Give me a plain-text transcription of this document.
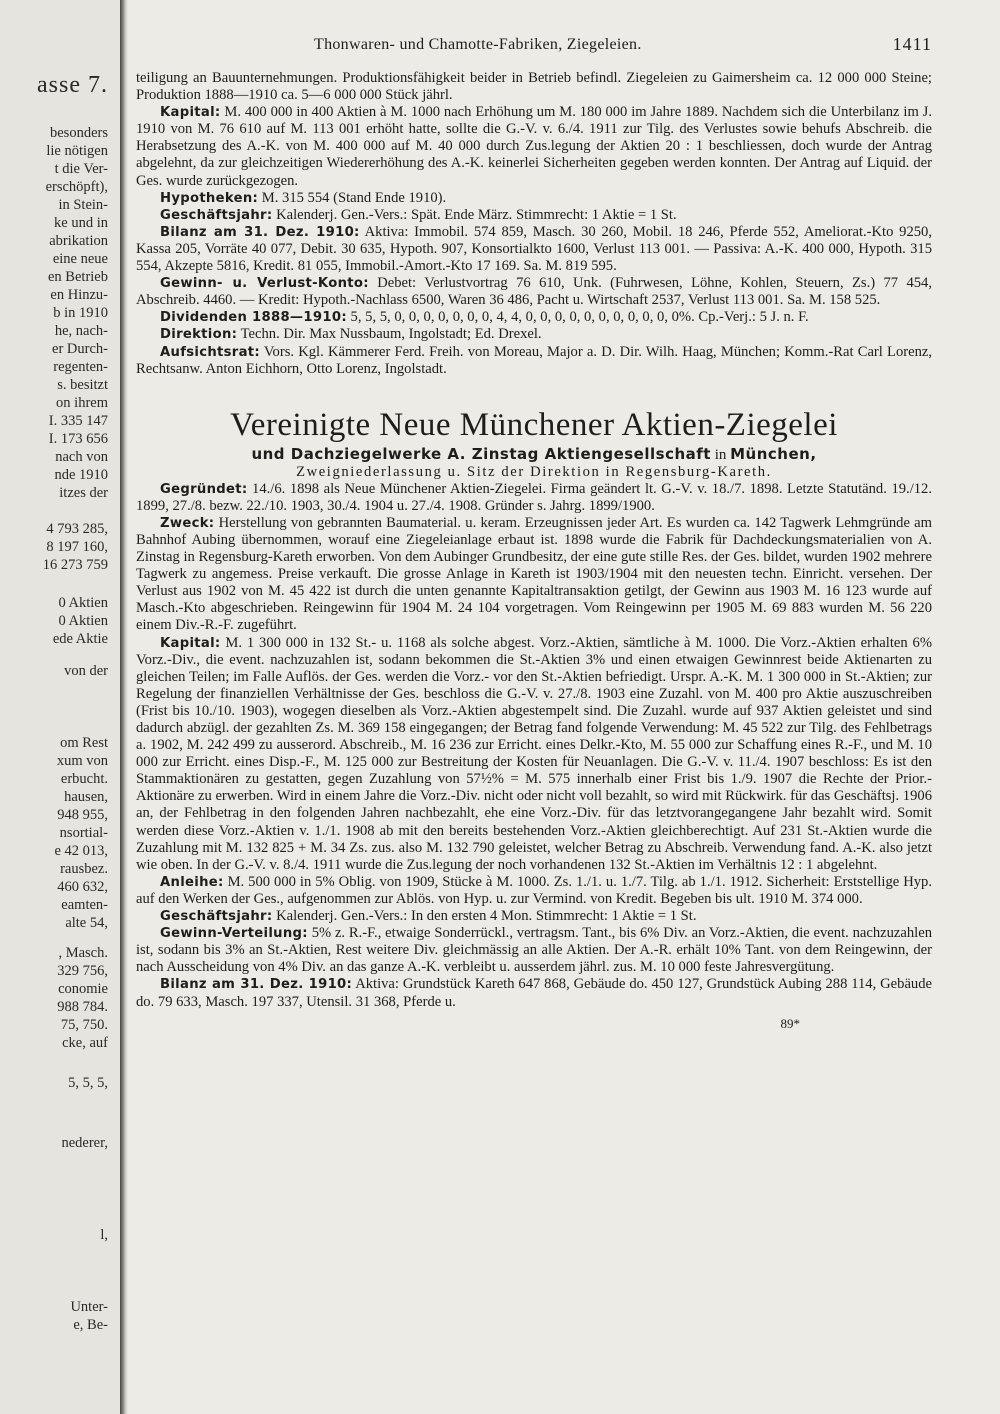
asse 7.
besonders
lie nötigen
t die Ver-
erschöpft),
in Stein-
ke und in
abrikation
eine neue
en Betrieb
en Hinzu-
b in 1910
he, nach-
er Durch-
regenten-
s. besitzt
on ihrem
I. 335 147
I. 173 656
nach von
nde 1910
itzes der
4 793 285,
8 197 160,
16 273 759
0 Aktien
0 Aktien
ede Aktie
von der
om Rest
xum von
erbucht.
hausen,
948 955,
nsortial-
e 42 013,
rausbez.
460 632,
eamten-
alte 54,
, Masch.
329 756,
conomie
988 784.
75, 750.
cke, auf
5, 5, 5,
nederer,
l,
Unter-
e, Be-
Thonwaren- und Chamotte-Fabriken, Ziegeleien.	1411

teiligung an Bauunternehmungen. Produktionsfähigkeit beider in Betrieb befindl. Ziegeleien zu Gaimersheim ca. 12 000 000 Steine; Produktion 1888—1910 ca. 5—6 000 000 Stück jährl.

Kapital: M. 400 000 in 400 Aktien à M. 1000 nach Erhöhung um M. 180 000 im Jahre 1889. Nachdem sich die Unterbilanz im J. 1910 von M. 76 610 auf M. 113 001 erhöht hatte, sollte die G.-V. v. 6./4. 1911 zur Tilg. des Verlustes sowie behufs Abschreib. die Herabsetzung des A.-K. von M. 400 000 auf M. 40 000 durch Zus.legung der Aktien 20 : 1 beschliessen, doch wurde der Antrag abgelehnt, da zur gleichzeitigen Wiedererhöhung des A.-K. keinerlei Sicherheiten gegeben werden konnten. Der Antrag auf Liquid. der Ges. wurde zurückgezogen.

Hypotheken: M. 315 554 (Stand Ende 1910).

Geschäftsjahr: Kalenderj. Gen.-Vers.: Spät. Ende März. Stimmrecht: 1 Aktie = 1 St.

Bilanz am 31. Dez. 1910: Aktiva: Immobil. 574 859, Masch. 30 260, Mobil. 18 246, Pferde 552, Ameliorat.-Kto 9250, Kassa 205, Vorräte 40 077, Debit. 30 635, Hypoth. 907, Konsortialkto 1600, Verlust 113 001. — Passiva: A.-K. 400 000, Hypoth. 315 554, Akzepte 5816, Kredit. 81 055, Immobil.-Amort.-Kto 17 169. Sa. M. 819 595.

Gewinn- u. Verlust-Konto: Debet: Verlustvortrag 76 610, Unk. (Fuhrwesen, Löhne, Kohlen, Steuern, Zs.) 77 454, Abschreib. 4460. — Kredit: Hypoth.-Nachlass 6500, Waren 36 486, Pacht u. Wirtschaft 2537, Verlust 113 001. Sa. M. 158 525.

Dividenden 1888—1910: 5, 5, 5, 0, 0, 0, 0, 0, 0, 0, 4, 4, 0, 0, 0, 0, 0, 0, 0, 0, 0, 0, 0%. Cp.-Verj.: 5 J. n. F.

Direktion: Techn. Dir. Max Nussbaum, Ingolstadt; Ed. Drexel.

Aufsichtsrat: Vors. Kgl. Kämmerer Ferd. Freih. von Moreau, Major a. D. Dir. Wilh. Haag, München; Komm.-Rat Carl Lorenz, Rechtsanw. Anton Eichhorn, Otto Lorenz, Ingolstadt.

Vereinigte Neue Münchener Aktien-Ziegelei
und Dachziegelwerke A. Zinstag Aktiengesellschaft in München,
Zweigniederlassung u. Sitz der Direktion in Regensburg-Kareth.

Gegründet: 14./6. 1898 als Neue Münchener Aktien-Ziegelei. Firma geändert lt. G.-V. v. 18./7. 1898. Letzte Statutänd. 19./12. 1899, 27./8. bezw. 22./10. 1903, 30./4. 1904 u. 27./4. 1908. Gründer s. Jahrg. 1899/1900.

Zweck: Herstellung von gebrannten Baumaterial. u. keram. Erzeugnissen jeder Art. Es wurden ca. 142 Tagwerk Lehmgründe am Bahnhof Aubing übernommen, worauf eine Ziegeleianlage erbaut ist. 1898 wurde die Fabrik für Dachdeckungsmaterialien von A. Zinstag in Regensburg-Kareth erworben. Von dem Aubinger Grundbesitz, der eine gute stille Res. der Ges. bildet, wurden 1902 mehrere Tagwerk zu angemess. Preise verkauft. Die grosse Anlage in Kareth ist 1903/1904 mit den neuesten techn. Einricht. versehen. Der Verlust aus 1902 von M. 45 422 ist durch die unten genannte Kapitaltransaktion getilgt, der Gewinn aus 1903 M. 16 123 wurde auf Masch.-Kto abgeschrieben. Reingewinn für 1904 M. 24 104 vorgetragen. Vom Reingewinn per 1905 M. 69 883 wurden M. 56 220 einem Div.-R.-F. zugeführt.

Kapital: M. 1 300 000 in 132 St.- u. 1168 als solche abgest. Vorz.-Aktien, sämtliche à M. 1000. Die Vorz.-Aktien erhalten 6% Vorz.-Div., die event. nachzuzahlen ist, sodann bekommen die St.-Aktien 3% und einen etwaigen Gewinnrest beide Aktienarten zu gleichen Teilen; im Falle Auflös. der Ges. werden die Vorz.- vor den St.-Aktien befriedigt. Urspr. A.-K. M. 1 300 000 in St.-Aktien; zur Regelung der finanziellen Verhältnisse der Ges. beschloss die G.-V. v. 27./8. 1903 eine Zuzahl. von M. 400 pro Aktie auszuschreiben (Frist bis 10./10. 1903), wogegen dieselben als Vorz.-Aktien abgestempelt sind. Die Zuzahl. wurde auf 937 Aktien geleistet und sind dadurch abzügl. der gezahlten Zs. M. 369 158 eingegangen; der Betrag fand folgende Verwendung: M. 45 522 zur Tilg. des Fehlbetrags a. 1902, M. 242 499 zu ausserord. Abschreib., M. 16 236 zur Erricht. eines Delkr.-Kto, M. 55 000 zur Schaffung eines R.-F., und M. 10 000 zur Erricht. eines Disp.-F., M. 125 000 zur Bestreitung der Kosten für Neuanlagen. Die G.-V. v. 11./4. 1907 beschloss: Es ist den Stammaktionären zu gestatten, gegen Zuzahlung von 57½% = M. 575 innerhalb einer Frist bis 1./9. 1907 die Rechte der Prior.-Aktionäre zu erwerben. Wird in einem Jahre die Vorz.-Div. nicht oder nicht voll bezahlt, so wird mit Rückwirk. für das Geschäftsj. 1906 an, der Fehlbetrag in den folgenden Jahren nachbezahlt, ehe eine Vorz.-Div. für das letztvorangegangene Jahr bezahlt wird. Somit werden diese Vorz.-Aktien v. 1./1. 1908 ab mit den bereits bestehenden Vorz.-Aktien gleichberechtigt. Auf 231 St.-Aktien wurde die Zuzahlung mit M. 132 825 + M. 34 Zs. zus. also M. 132 790 geleistet, welcher Betrag zu Abschreib. Verwendung fand. A.-K. also jetzt wie oben. In der G.-V. v. 8./4. 1911 wurde die Zus.legung der noch vorhandenen 132 St.-Aktien im Verhältnis 12 : 1 abgelehnt.

Anleihe: M. 500 000 in 5% Oblig. von 1909, Stücke à M. 1000. Zs. 1./1. u. 1./7. Tilg. ab 1./1. 1912. Sicherheit: Erststellige Hyp. auf den Werken der Ges., aufgenommen zur Ablös. von Hyp. u. zur Vermind. von Kredit. Begeben bis ult. 1910 M. 374 000.

Geschäftsjahr: Kalenderj. Gen.-Vers.: In den ersten 4 Mon. Stimmrecht: 1 Aktie = 1 St.

Gewinn-Verteilung: 5% z. R.-F., etwaige Sonderrückl., vertragsm. Tant., bis 6% Div. an Vorz.-Aktien, die event. nachzuzahlen ist, sodann bis 3% an St.-Aktien, Rest weitere Div. gleichmässig an alle Aktien. Der A.-R. erhält 10% Tant. von dem Reingewinn, der nach Ausscheidung von 4% Div. an das ganze A.-K. verbleibt u. ausserdem jährl. zus. M. 10 000 feste Jahresvergütung.

Bilanz am 31. Dez. 1910: Aktiva: Grundstück Kareth 647 868, Gebäude do. 450 127, Grundstück Aubing 288 114, Gebäude do. 79 633, Masch. 197 337, Utensil. 31 368, Pferde u.

89*
